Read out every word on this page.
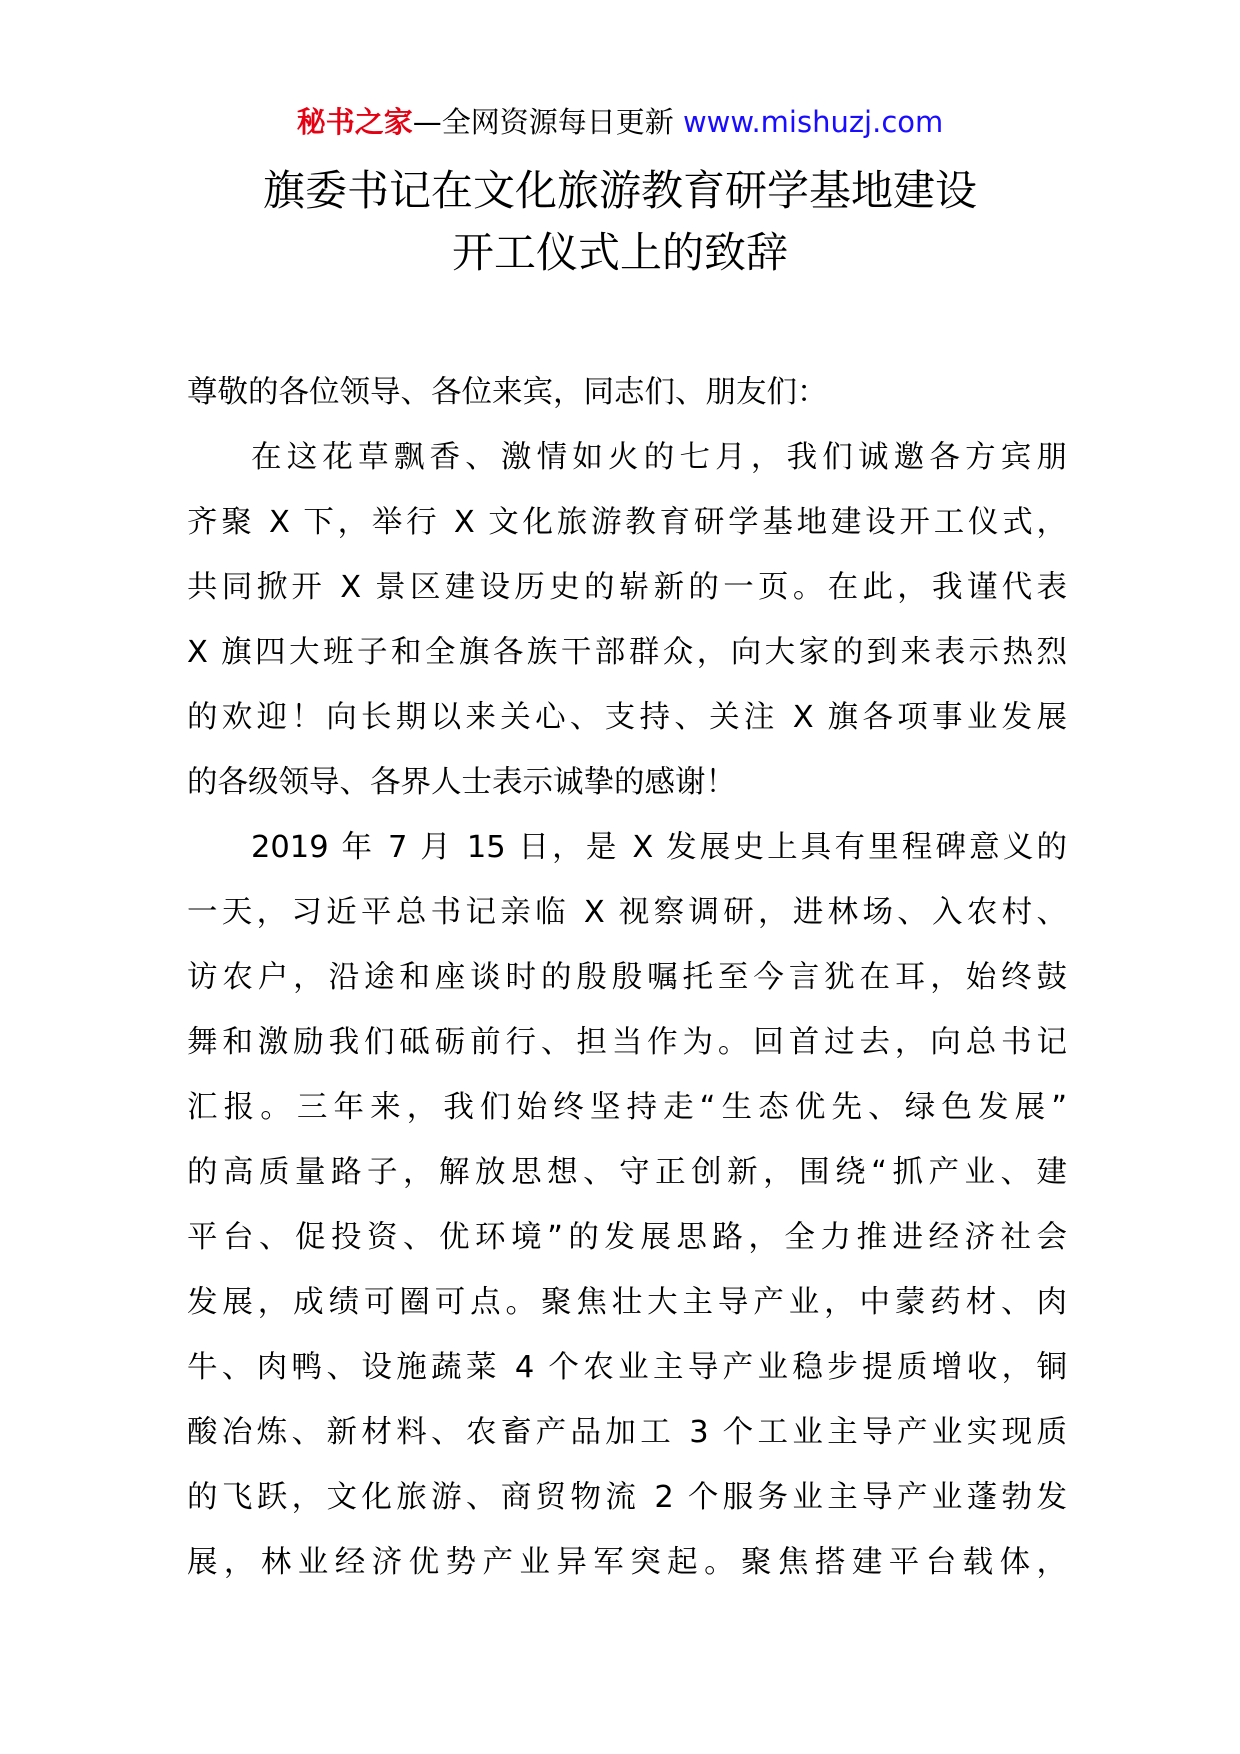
秘书之家—全网资源每日更新 www.mishuzj.com
旗委书记在文化旅游教育研学基地建设
开工仪式上的致辞
尊敬的各位领导、各位来宾，同志们、朋友们：
在这花草飘香、激情如火的七月，我们诚邀各方宾朋
齐聚 X 下，举行 X 文化旅游教育研学基地建设开工仪式，
共同掀开 X 景区建设历史的崭新的一页。在此，我谨代表
X 旗四大班子和全旗各族干部群众，向大家的到来表示热烈
的欢迎！向长期以来关心、支持、关注 X 旗各项事业发展
的各级领导、各界人士表示诚挚的感谢！
2019 年 7 月 15 日，是 X 发展史上具有里程碑意义的
一天，习近平总书记亲临 X 视察调研，进林场、入农村、
访农户，沿途和座谈时的殷殷嘱托至今言犹在耳，始终鼓
舞和激励我们砥砺前行、担当作为。回首过去，向总书记
汇报。三年来，我们始终坚持走“生态优先、绿色发展”
的高质量路子，解放思想、守正创新，围绕“抓产业、建
平台、促投资、优环境”的发展思路，全力推进经济社会
发展，成绩可圈可点。聚焦壮大主导产业，中蒙药材、肉
牛、肉鸭、设施蔬菜 4 个农业主导产业稳步提质增收，铜
酸冶炼、新材料、农畜产品加工 3 个工业主导产业实现质
的飞跃，文化旅游、商贸物流 2 个服务业主导产业蓬勃发
展，林业经济优势产业异军突起。聚焦搭建平台载体，
